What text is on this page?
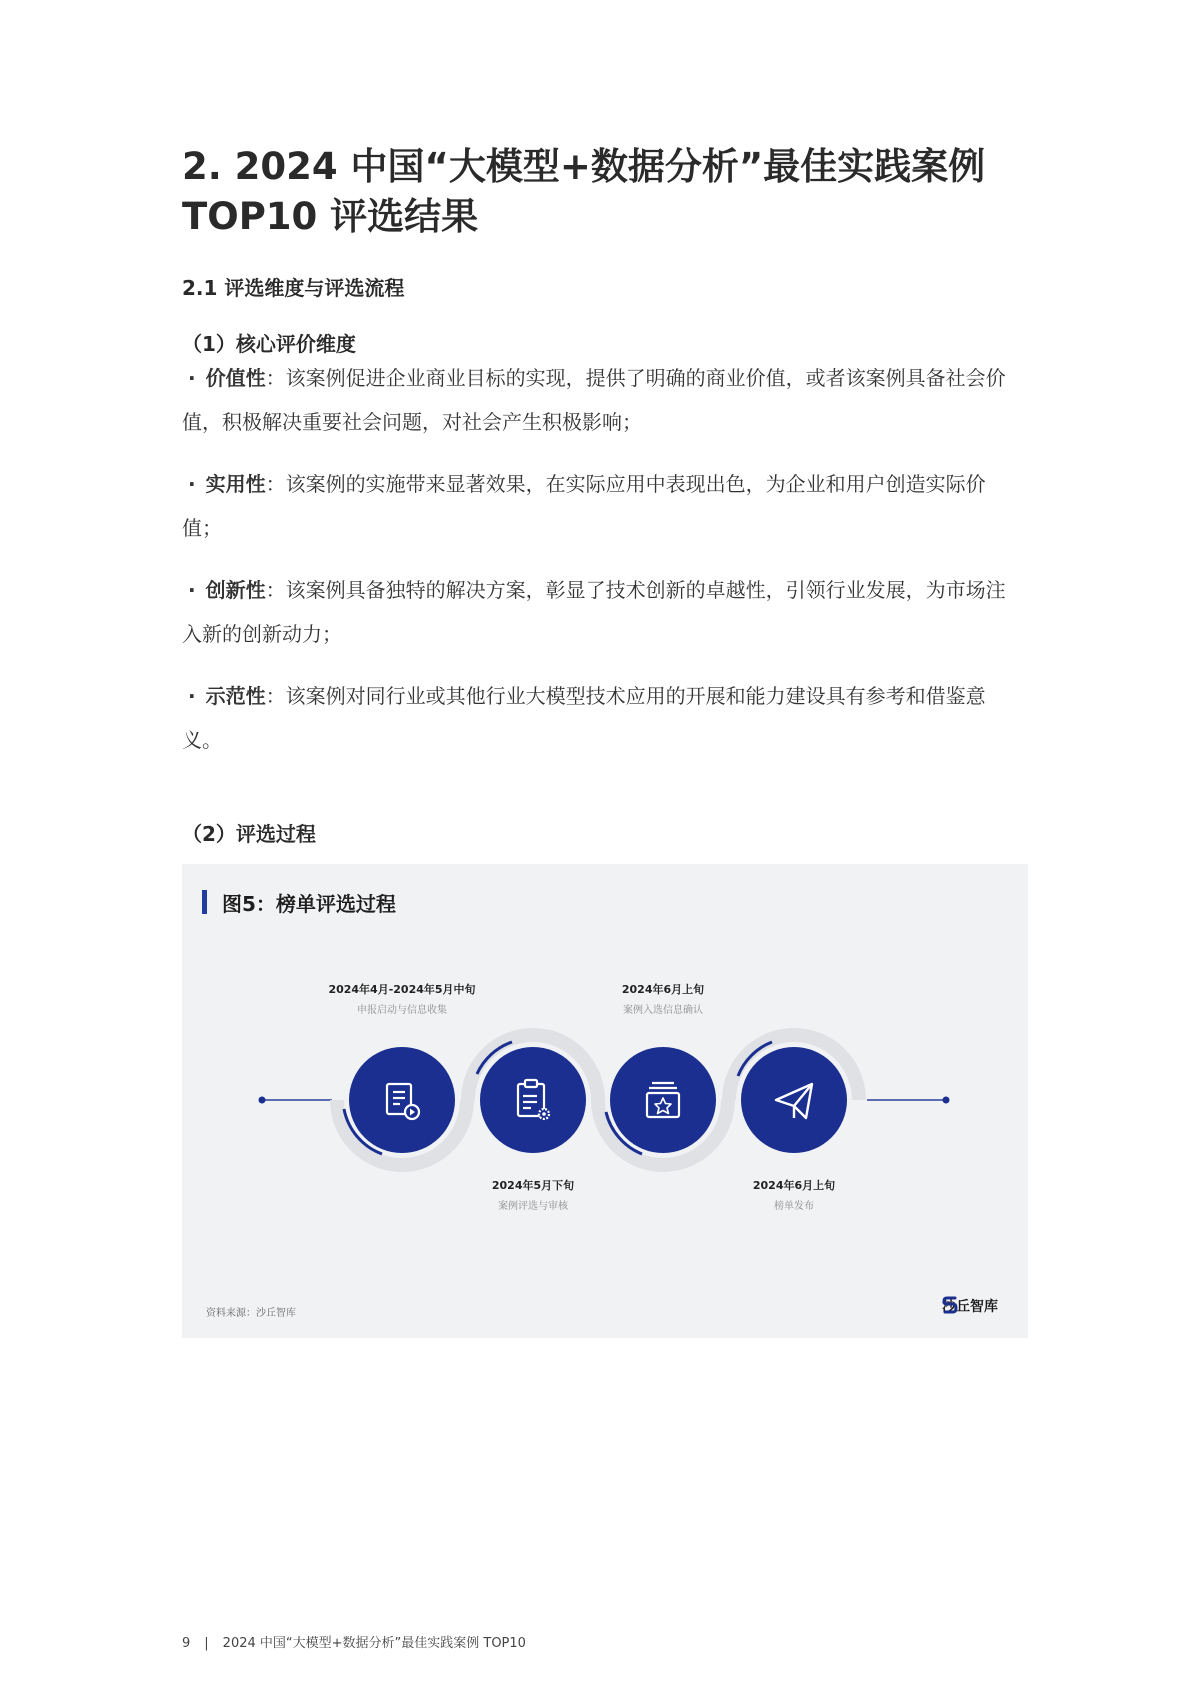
2. 2024 中国“大模型+数据分析”最佳实践案例TOP10 评选结果
2.1 评选维度与评选流程
（1）核心评价维度

· 价值性：该案例促进企业商业目标的实现，提供了明确的商业价值，或者该案例具备社会价值，积极解决重要社会问题，对社会产生积极影响；

· 实用性：该案例的实施带来显著效果，在实际应用中表现出色，为企业和用户创造实际价值；

· 创新性：该案例具备独特的解决方案，彰显了技术创新的卓越性，引领行业发展，为市场注入新的创新动力；

· 示范性：该案例对同行业或其他行业大模型技术应用的开展和能力建设具有参考和借鉴意义。

（2）评选过程
图5：榜单评选过程
2024年4月-2024年5月中旬
申报启动与信息收集
2024年5月下旬
案例评选与审核
2024年6月上旬
案例入选信息确认
2024年6月上旬
榜单发布
资料来源：沙丘智库	沙丘智库
9 | 2024 中国“大模型+数据分析”最佳实践案例 TOP10
